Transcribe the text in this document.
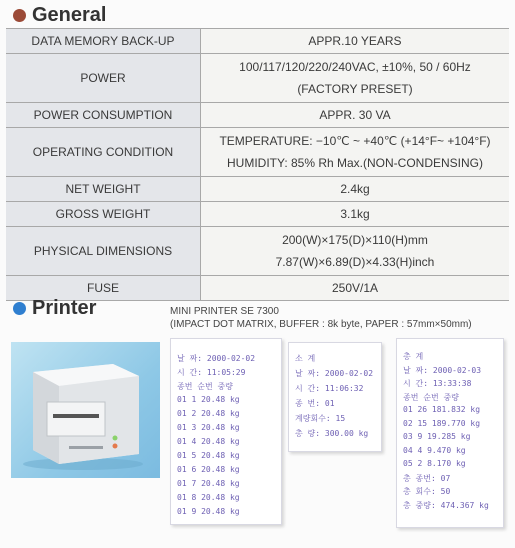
General
DATA MEMORY BACK-UP	APPR.10 YEARS

POWER	100/117/120/220/240VAC, ±10%, 50 / 60Hz
(FACTORY PRESET)

POWER CONSUMPTION	APPR. 30 VA

OPERATING CONDITION	TEMPERATURE: −10℃ ~ +40℃ (+14°F~ +104°F)
HUMIDITY: 85% Rh Max.(NON-CONDENSING)

NET WEIGHT	2.4kg

GROSS WEIGHT	3.1kg

PHYSICAL DIMENSIONS	200(W)×175(D)×110(H)mm
7.87(W)×6.89(D)×4.33(H)inch

FUSE	250V/1A
Printer	MINI PRINTER SE 7300
(IMPACT DOT MATRIX, BUFFER : 8k byte, PAPER : 57mm×50mm)
날 짜: 2000-02-02
시 간: 11:05:29
종번 순번 중량
01 1 20.48 kg
01 2 20.48 kg
01 3 20.48 kg
01 4 20.48 kg
01 5 20.48 kg
01 6 20.48 kg
01 7 20.48 kg
01 8 20.48 kg
01 9 20.48 kg
소 계
날 짜: 2000-02-02
시 간: 11:06:32
종 번: 01
계량회수: 15
총 량: 300.00 kg
총 계
날 짜: 2000-02-03
시 간: 13:33:38
종번 순번 중량
01 26 181.832 kg
02 15 189.770 kg
03 9 19.285 kg
04 4 9.470 kg
05 2 8.170 kg
총 종번: 07
총 회수: 50
총 중량: 474.367 kg
